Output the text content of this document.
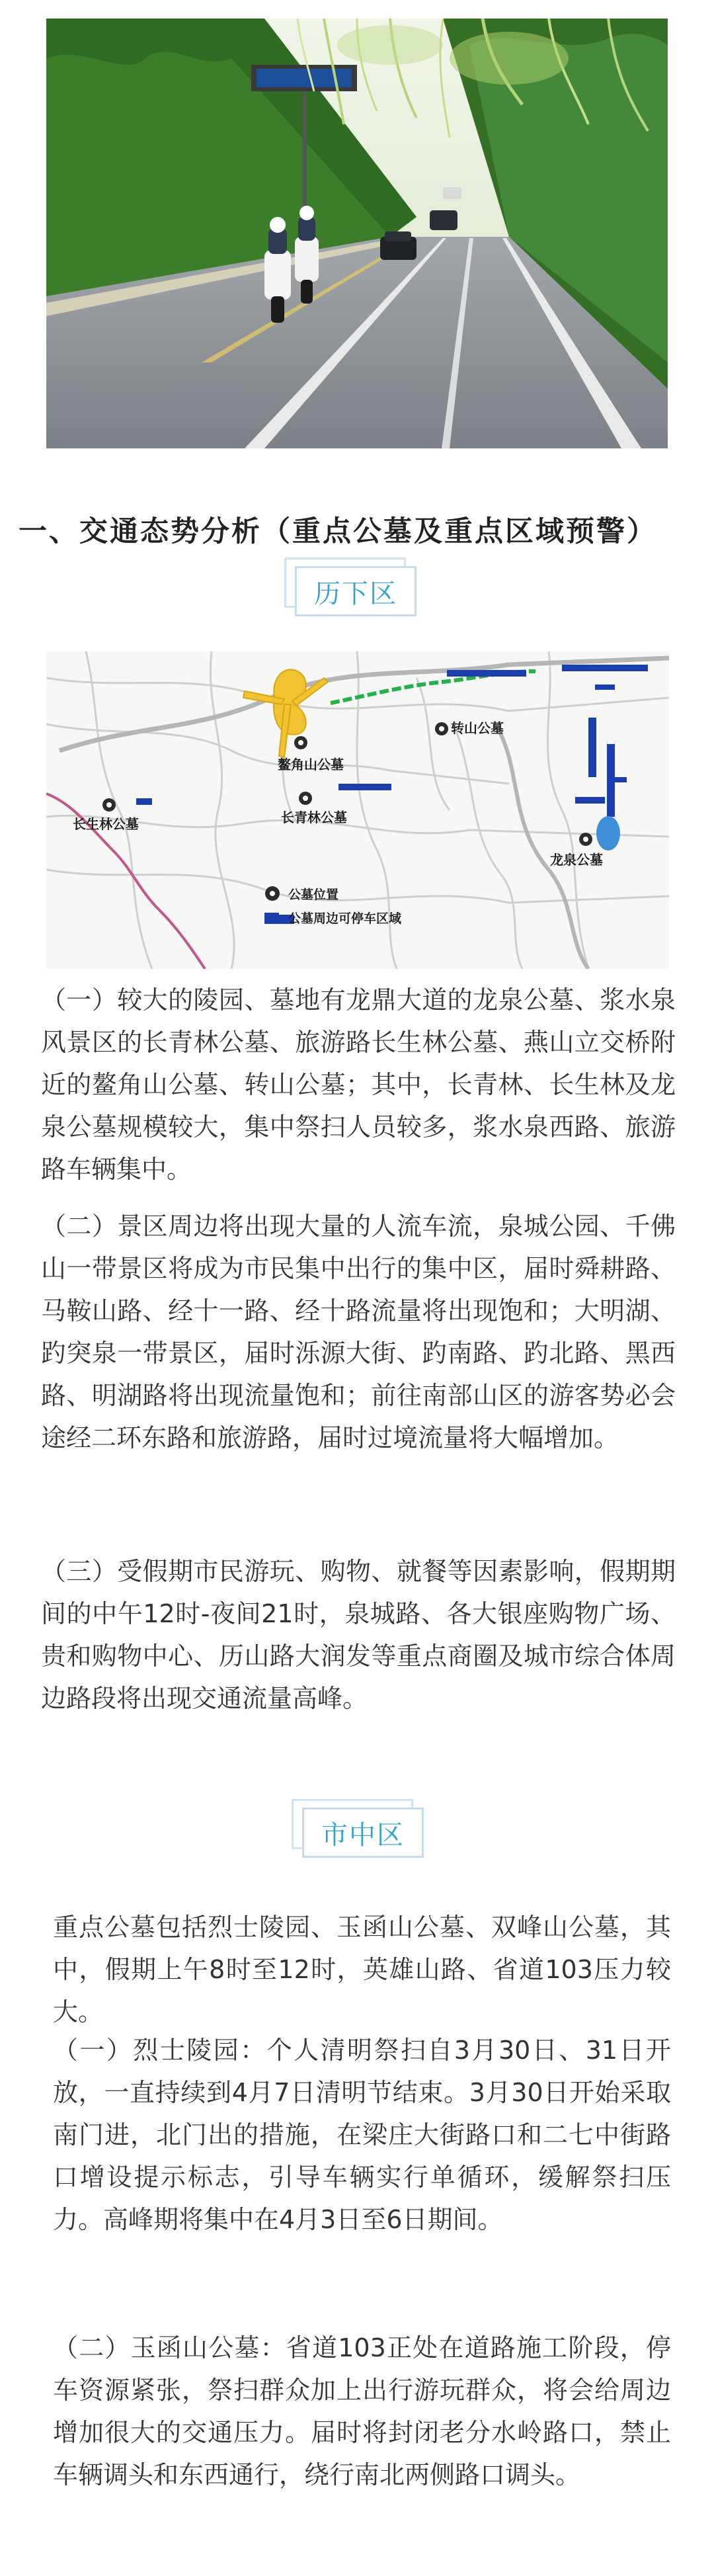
一、交通态势分析（重点公墓及重点区域预警）
历下区
鳌角山公墓
转山公墓
长生林公墓	长青林公墓
龙泉公墓
公墓位置
公墓周边可停车区域

（一）较大的陵园、墓地有龙鼎大道的龙泉公墓、浆水泉风景区的长青林公墓、旅游路长生林公墓、燕山立交桥附近的鳌角山公墓、转山公墓；其中，长青林、长生林及龙泉公墓规模较大，集中祭扫人员较多，浆水泉西路、旅游路车辆集中。

（二）景区周边将出现大量的人流车流，泉城公园、千佛山一带景区将成为市民集中出行的集中区，届时舜耕路、马鞍山路、经十一路、经十路流量将出现饱和；大明湖、趵突泉一带景区，届时泺源大街、趵南路、趵北路、黑西路、明湖路将出现流量饱和；前往南部山区的游客势必会途经二环东路和旅游路，届时过境流量将大幅增加。

（三）受假期市民游玩、购物、就餐等因素影响，假期期间的中午12时-夜间21时，泉城路、各大银座购物广场、贵和购物中心、历山路大润发等重点商圈及城市综合体周边路段将出现交通流量高峰。

市中区

重点公墓包括烈士陵园、玉函山公墓、双峰山公墓，其中，假期上午8时至12时，英雄山路、省道103压力较大。

（一）烈士陵园：个人清明祭扫自3月30日、31日开放，一直持续到4月7日清明节结束。3月30日开始采取南门进，北门出的措施，在梁庄大街路口和二七中街路口增设提示标志，引导车辆实行单循环，缓解祭扫压力。高峰期将集中在4月3日至6日期间。

（二）玉函山公墓：省道103正处在道路施工阶段，停车资源紧张，祭扫群众加上出行游玩群众，将会给周边增加很大的交通压力。届时将封闭老分水岭路口，禁止车辆调头和东西通行，绕行南北两侧路口调头。
